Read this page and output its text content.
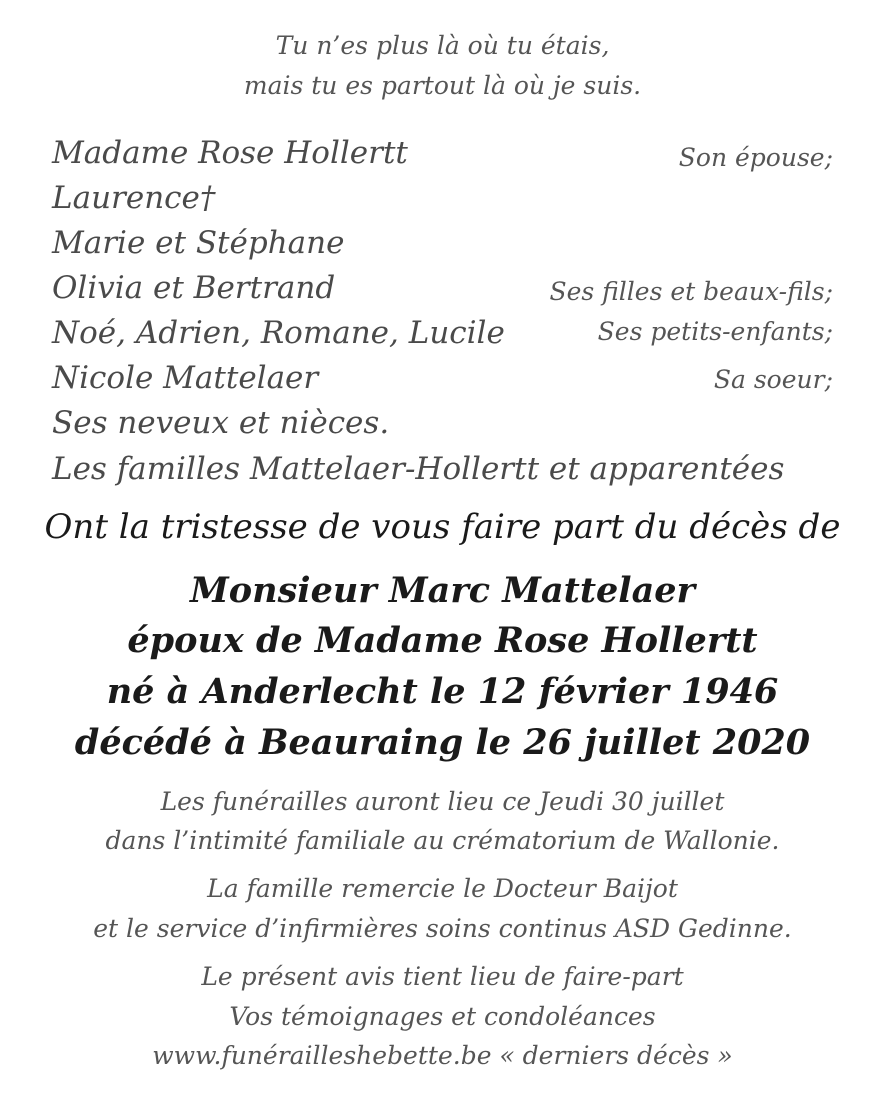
Tu n’es plus là où tu étais,
mais tu es partout là où je suis.
Madame Rose Hollertt	Son épouse;
Laurence†
Marie et Stéphane
Olivia et Bertrand	Ses filles et beaux-fils;
Noé, Adrien, Romane, Lucile	Ses petits-enfants;
Nicole Mattelaer	Sa soeur;
Ses neveux et nièces.
Les familles Mattelaer-Hollertt et apparentées
Ont la tristesse de vous faire part du décès de
Monsieur Marc Mattelaer
époux de Madame Rose Hollertt
né à Anderlecht le 12 février 1946
décédé à Beauraing le 26 juillet 2020
Les funérailles auront lieu ce Jeudi 30 juillet
dans l’intimité familiale au crématorium de Wallonie.
La famille remercie le Docteur Baijot
et le service d’infirmières soins continus ASD Gedinne.
Le présent avis tient lieu de faire-part
Vos témoignages et condoléances
www.funérailleshebette.be « derniers décès »
